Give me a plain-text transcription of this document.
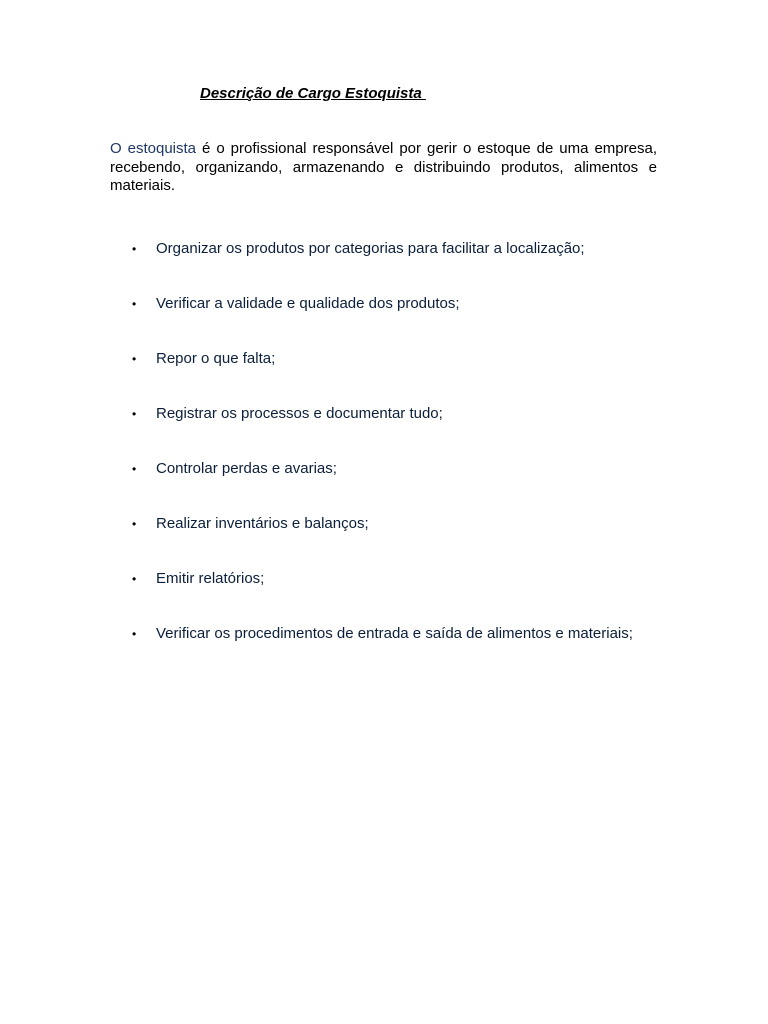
Descrição de Cargo Estoquista

O estoquista é o profissional responsável por gerir o estoque de uma empresa, recebendo, organizando, armazenando e distribuindo produtos, alimentos e materiais.

• Organizar os produtos por categorias para facilitar a localização;
• Verificar a validade e qualidade dos produtos;
• Repor o que falta;
• Registrar os processos e documentar tudo;
• Controlar perdas e avarias;
• Realizar inventários e balanços;
• Emitir relatórios;
• Verificar os procedimentos de entrada e saída de alimentos e materiais;
